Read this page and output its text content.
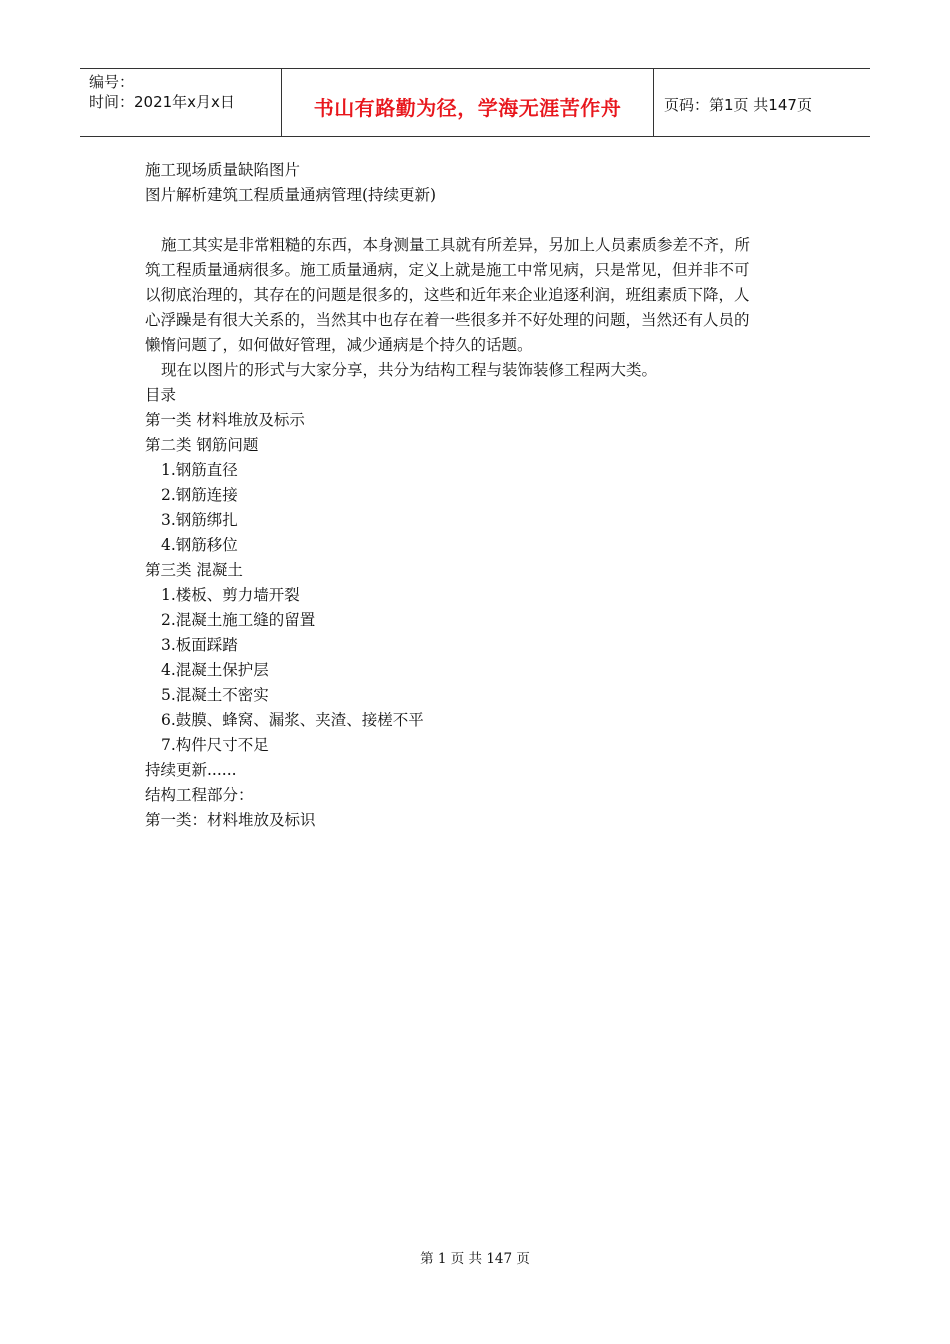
编号：
时间：2021年x月x日	书山有路勤为径，学海无涯苦作舟	页码：第1页 共147页
施工现场质量缺陷图片
图片解析建筑工程质量通病管理(持续更新)
施工其实是非常粗糙的东西，本身测量工具就有所差异，另加上人员素质参差不齐，所
筑工程质量通病很多。施工质量通病，定义上就是施工中常见病，只是常见，但并非不可
以彻底治理的，其存在的问题是很多的，这些和近年来企业追逐利润，班组素质下降，人
心浮躁是有很大关系的，当然其中也存在着一些很多并不好处理的问题，当然还有人员的
懒惰问题了，如何做好管理，减少通病是个持久的话题。
现在以图片的形式与大家分享，共分为结构工程与装饰装修工程两大类。
目录
第一类 材料堆放及标示
第二类 钢筋问题
1.钢筋直径
2.钢筋连接
3.钢筋绑扎
4.钢筋移位
第三类 混凝土
1.楼板、剪力墙开裂
2.混凝土施工缝的留置
3.板面踩踏
4.混凝土保护层
5.混凝土不密实
6.鼓膜、蜂窝、漏浆、夹渣、接槎不平
7.构件尺寸不足
持续更新......
结构工程部分：
第一类：材料堆放及标识
第 1 页 共 147 页
